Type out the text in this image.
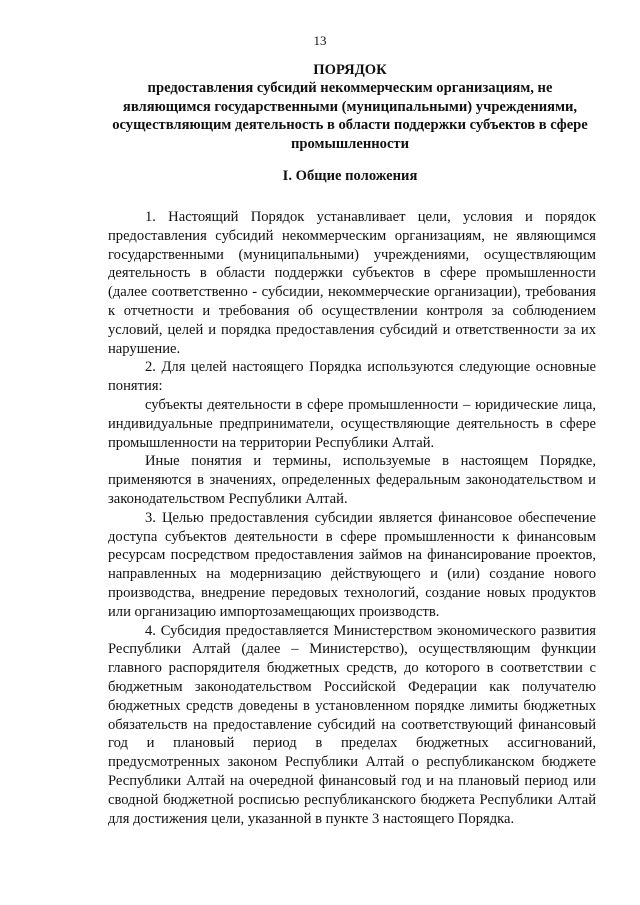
13
ПОРЯДОК
предоставления субсидий некоммерческим организациям, не являющимся государственными (муниципальными) учреждениями, осуществляющим деятельность в области поддержки субъектов в сфере промышленности
I. Общие положения

1. Настоящий Порядок устанавливает цели, условия и порядок предоставления субсидий некоммерческим организациям, не являющимся государственными (муниципальными) учреждениями, осуществляющим деятельность в области поддержки субъектов в сфере промышленности (далее соответственно - субсидии, некоммерческие организации), требования к отчетности и требования об осуществлении контроля за соблюдением условий, целей и порядка предоставления субсидий и ответственности за их нарушение.

2. Для целей настоящего Порядка используются следующие основные понятия:

субъекты деятельности в сфере промышленности – юридические лица, индивидуальные предприниматели, осуществляющие деятельность в сфере промышленности на территории Республики Алтай.

Иные понятия и термины, используемые в настоящем Порядке, применяются в значениях, определенных федеральным законодательством и законодательством Республики Алтай.

3. Целью предоставления субсидии является финансовое обеспечение доступа субъектов деятельности в сфере промышленности к финансовым ресурсам посредством предоставления займов на финансирование проектов, направленных на модернизацию действующего и (или) создание нового производства, внедрение передовых технологий, создание новых продуктов или организацию импортозамещающих производств.

4. Субсидия предоставляется Министерством экономического развития Республики Алтай (далее – Министерство), осуществляющим функции главного распорядителя бюджетных средств, до которого в соответствии с бюджетным законодательством Российской Федерации как получателю бюджетных средств доведены в установленном порядке лимиты бюджетных обязательств на предоставление субсидий на соответствующий финансовый год и плановый период в пределах бюджетных ассигнований, предусмотренных законом Республики Алтай о республиканском бюджете Республики Алтай на очередной финансовый год и на плановый период или сводной бюджетной росписью республиканского бюджета Республики Алтай для достижения цели, указанной в пункте 3 настоящего Порядка.
